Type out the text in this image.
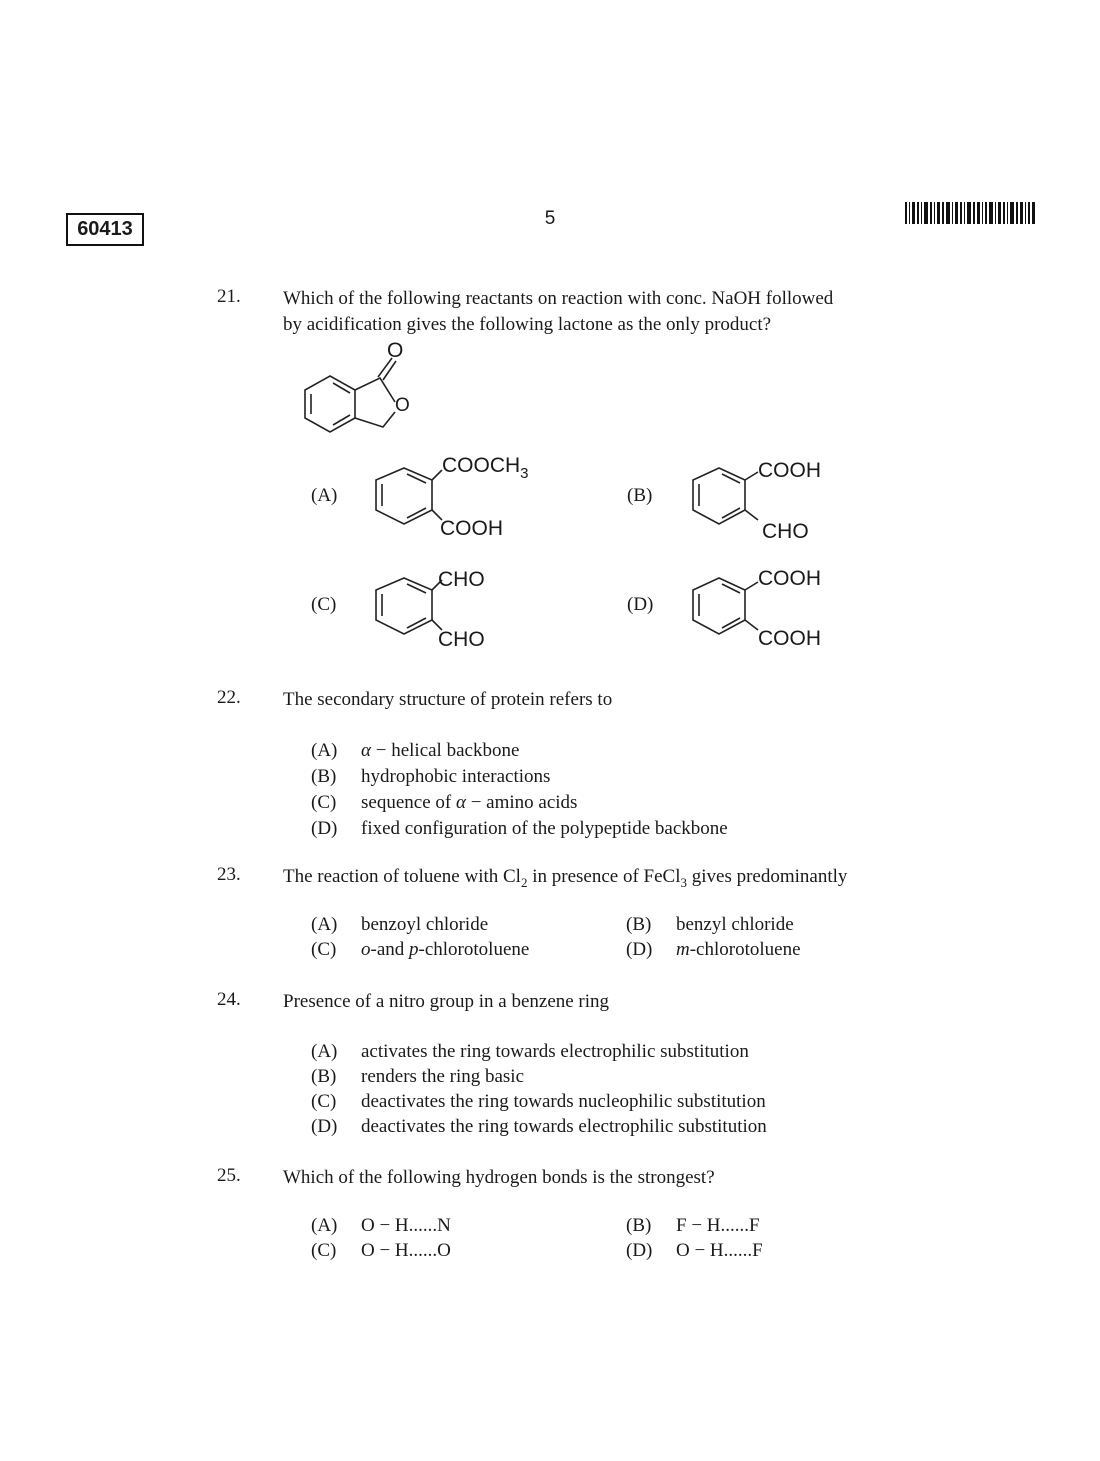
60413	5
21. Which of the following reactants on reaction with conc. NaOH followed
by acidification gives the following lactone as the only product?
O
O
(A)
$COOCH_3$
COOH
(B)
COOH
CHO
(C)
CHO
CHO
(D)
COOH
COOH
22. The secondary structure of protein refers to
(A) α − helical backbone
(B) hydrophobic interactions
(C) sequence of α − amino acids
(D) fixed configuration of the polypeptide backbone
23. The reaction of toluene with $Cl_2$ in presence of FeCl$_3$ gives predominantly
(A) benzoyl chloride	(B) benzyl chloride
(C) o-and p-chlorotoluene	(D) m-chlorotoluene
24. Presence of a nitro group in a benzene ring
(A) activates the ring towards electrophilic substitution
(B) renders the ring basic
(C) deactivates the ring towards nucleophilic substitution
(D) deactivates the ring towards electrophilic substitution
25. Which of the following hydrogen bonds is the strongest?
(A) O − H......N	(B) F − H......F
(C) O − H......O	(D) O − H......F
